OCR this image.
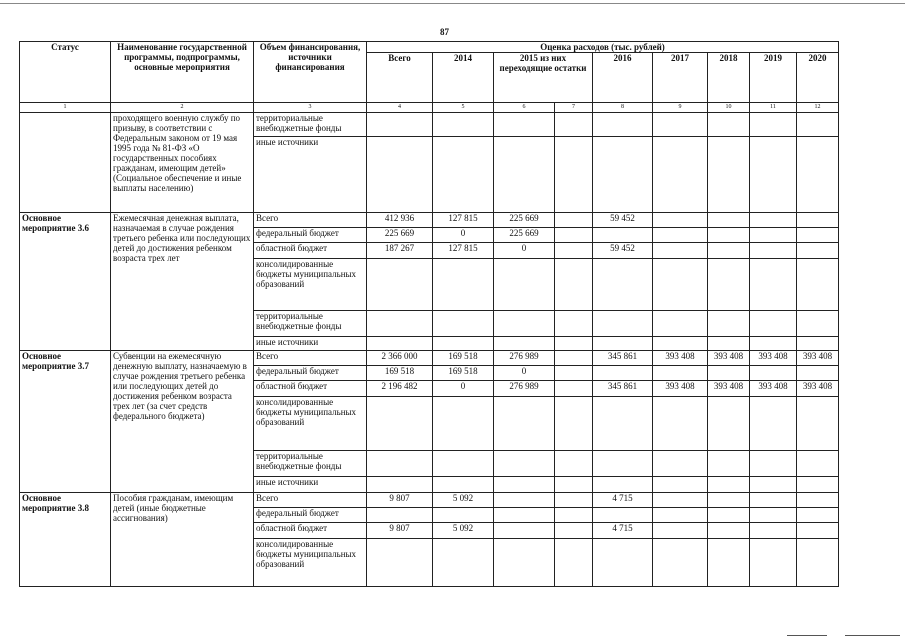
87
Статус	Наименование государственной программы, подпрограммы, основные мероприятия	Объем финансирования, источники финансирования	Оценка расходов (тыс. рублей)								
			Всего	2014	2015 из них переходящие остатки		2016	2017	2018	2019	2020
1	2	3	4	5	6	7	8	9	10	11	12
	проходящего военную службу по призыву, в соответствии с Федеральным законом от 19 мая 1995 года № 81-ФЗ «О государственных пособиях гражданам, имеющим детей» (Социальное обеспечение и иные выплаты населению)	территориальные внебюджетные фонды									
		иные источники									
Основное мероприятие 3.6	Ежемесячная денежная выплата, назначаемая в случае рождения третьего ребенка или последующих детей до достижения ребенком возраста трех лет	Всего	412 936	127 815	225 669		59 452				
		федеральный бюджет	225 669	0	225 669						
		областной бюджет	187 267	127 815	0		59 452				
		консолидированные бюджеты муниципальных образований									
		территориальные внебюджетные фонды									
		иные источники									
Основное мероприятие 3.7	Субвенции на ежемесячную денежную выплату, назначаемую в случае рождения третьего ребенка или последующих детей до достижения ребенком возраста трех лет (за счет средств федерального бюджета)	Всего	2 366 000	169 518	276 989		345 861	393 408	393 408	393 408	393 408
		федеральный бюджет	169 518	169 518	0						
		областной бюджет	2 196 482	0	276 989		345 861	393 408	393 408	393 408	393 408
		консолидированные бюджеты муниципальных образований									
		территориальные внебюджетные фонды									
		иные источники									
Основное мероприятие 3.8	Пособия гражданам, имеющим детей (иные бюджетные ассигнования)	Всего	9 807	5 092			4 715				
		федеральный бюджет									
		областной бюджет	9 807	5 092			4 715				
		консолидированные бюджеты муниципальных образований									
